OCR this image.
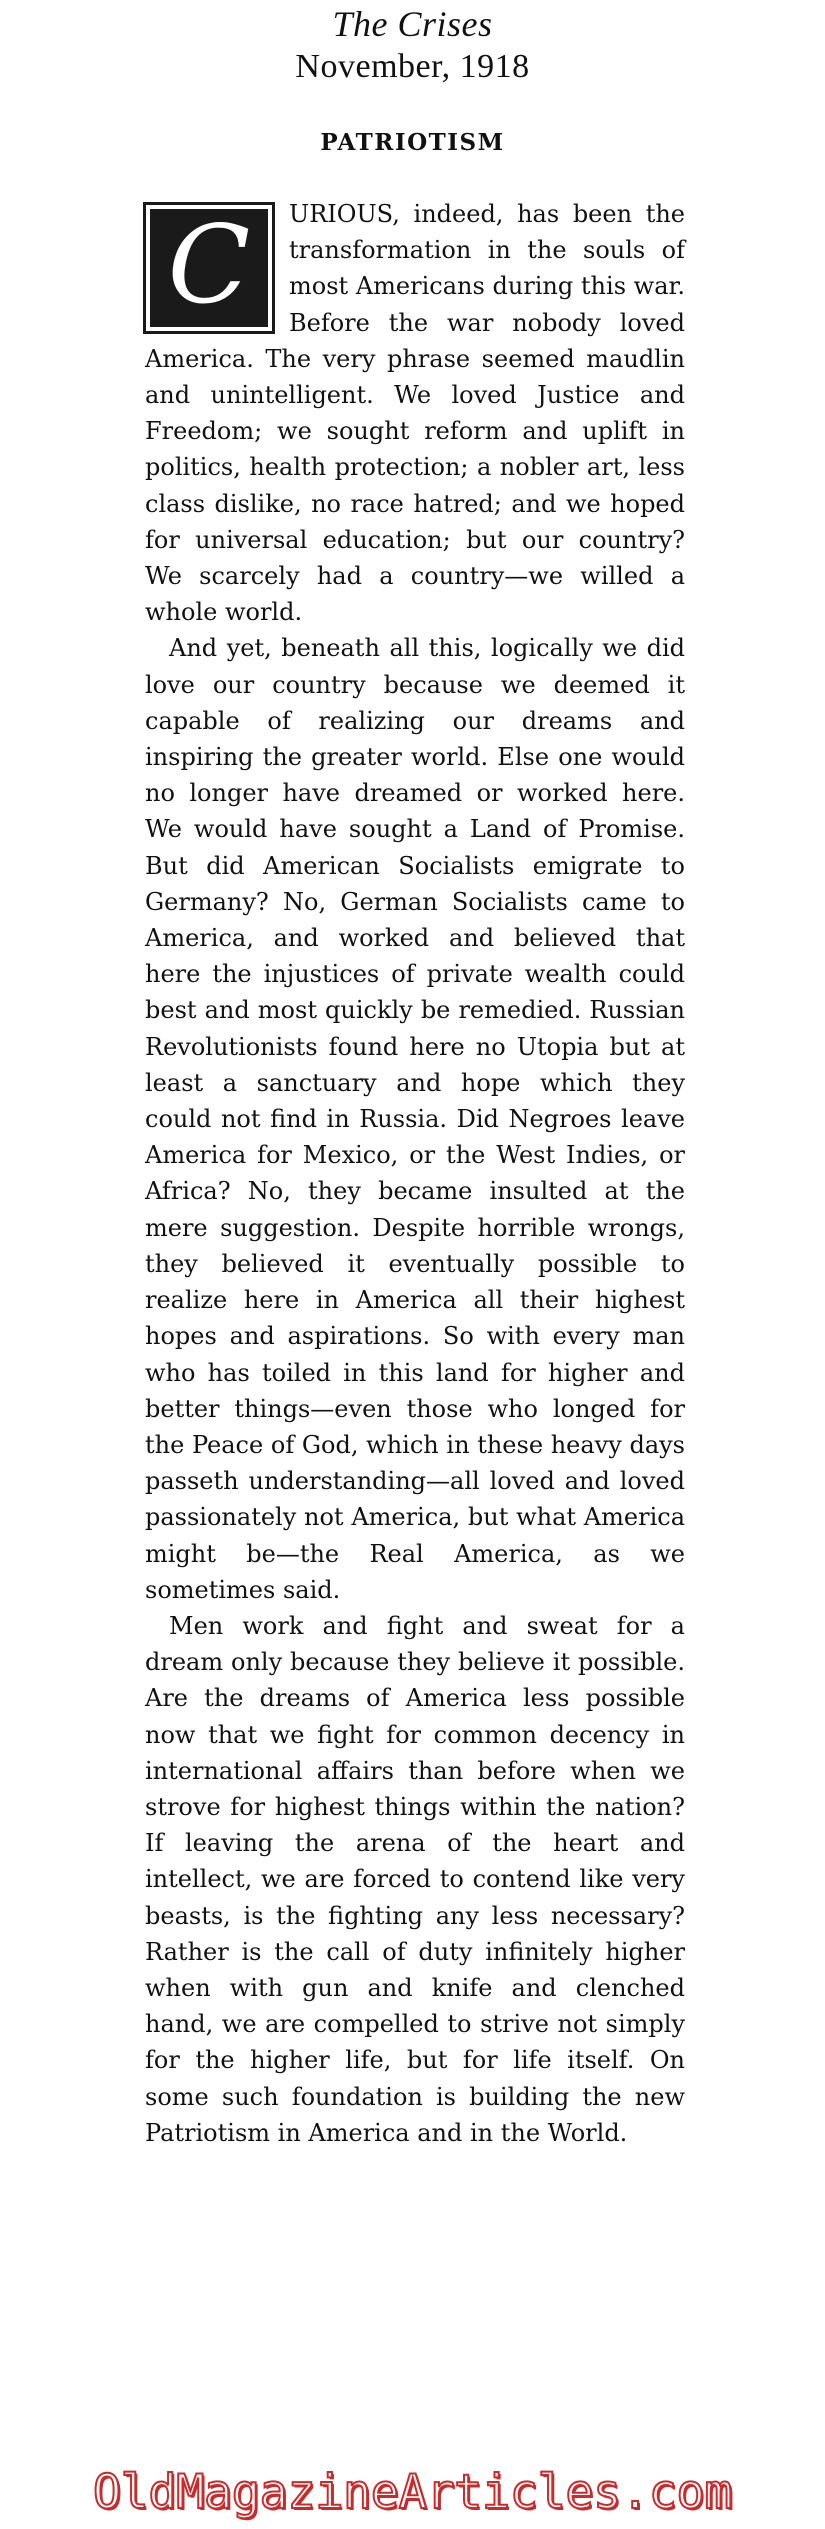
The Crises
November, 1918
PATRIOTISM
C	URIOUS, indeed, has been the transformation in the souls of most Americans during this war. Before the war nobody loved America. The very phrase seemed maudlin and unintelligent. We loved Justice and Freedom; we sought reform and uplift in politics, health protection; a nobler art, less class dislike, no race hatred; and we hoped for universal education; but our country? We scarcely had a country—we willed a whole world.

And yet, beneath all this, logically we did love our country because we deemed it capable of realizing our dreams and inspiring the greater world. Else one would no longer have dreamed or worked here. We would have sought a Land of Promise. But did American Socialists emigrate to Germany? No, German Socialists came to America, and worked and believed that here the injustices of private wealth could best and most quickly be remedied. Russian Revolutionists found here no Utopia but at least a sanctuary and hope which they could not find in Russia. Did Negroes leave America for Mexico, or the West Indies, or Africa? No, they became insulted at the mere suggestion. Despite horrible wrongs, they believed it eventually possible to realize here in America all their highest hopes and aspirations. So with every man who has toiled in this land for higher and better things—even those who longed for the Peace of God, which in these heavy days passeth understanding—all loved and loved passionately not America, but what America might be—the Real America, as we sometimes said.

Men work and fight and sweat for a dream only because they believe it possible. Are the dreams of America less possible now that we fight for common decency in international affairs than before when we strove for highest things within the nation? If leaving the arena of the heart and intellect, we are forced to contend like very beasts, is the fighting any less necessary? Rather is the call of duty infinitely higher when with gun and knife and clenched hand, we are compelled to strive not simply for the higher life, but for life itself. On some such foundation is building the new Patriotism in America and in the World.

OldMagazineArticles.com
